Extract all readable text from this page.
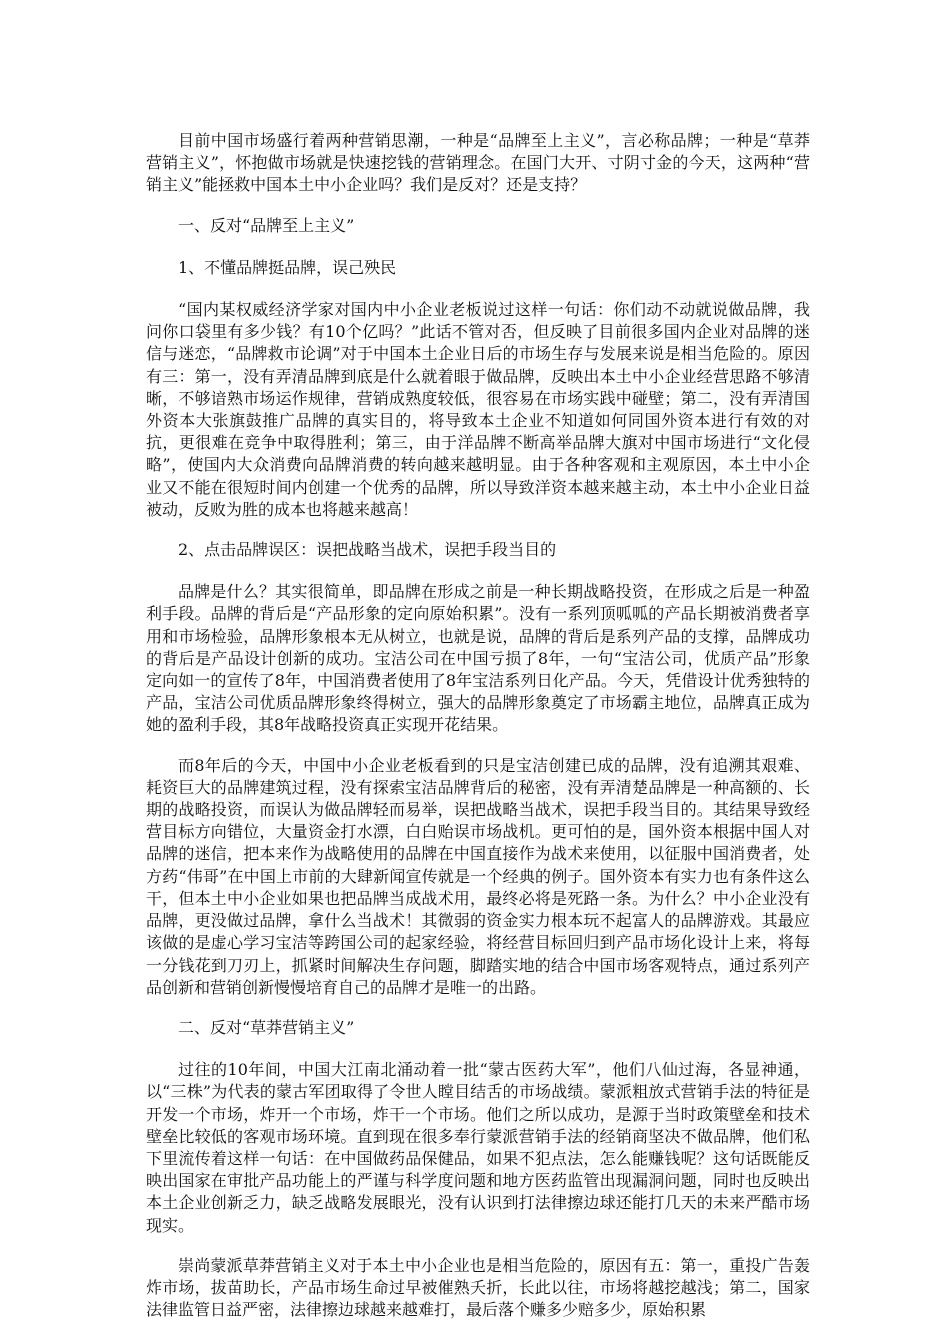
目前中国市场盛行着两种营销思潮，一种是“品牌至上主义”，言必称品牌；一种是“草莽营销主义”，怀抱做市场就是快速挖钱的营销理念。在国门大开、寸阴寸金的今天，这两种“营销主义”能拯救中国本土中小企业吗？我们是反对？还是支持？

一、反对“品牌至上主义”

1、不懂品牌挺品牌，误己殃民

“国内某权威经济学家对国内中小企业老板说过这样一句话：你们动不动就说做品牌，我问你口袋里有多少钱？有10个亿吗？”此话不管对否，但反映了目前很多国内企业对品牌的迷信与迷恋，“品牌救市论调”对于中国本土企业日后的市场生存与发展来说是相当危险的。原因有三：第一，没有弄清品牌到底是什么就着眼于做品牌，反映出本土中小企业经营思路不够清晰，不够谙熟市场运作规律，营销成熟度较低，很容易在市场实践中碰壁；第二，没有弄清国外资本大张旗鼓推广品牌的真实目的，将导致本土企业不知道如何同国外资本进行有效的对抗，更很难在竞争中取得胜利；第三，由于洋品牌不断高举品牌大旗对中国市场进行“文化侵略”，使国内大众消费向品牌消费的转向越来越明显。由于各种客观和主观原因，本土中小企业又不能在很短时间内创建一个优秀的品牌，所以导致洋资本越来越主动，本土中小企业日益被动，反败为胜的成本也将越来越高！

2、点击品牌误区：误把战略当战术，误把手段当目的

品牌是什么？其实很简单，即品牌在形成之前是一种长期战略投资，在形成之后是一种盈利手段。品牌的背后是“产品形象的定向原始积累”。没有一系列顶呱呱的产品长期被消费者享用和市场检验，品牌形象根本无从树立，也就是说，品牌的背后是系列产品的支撑，品牌成功的背后是产品设计创新的成功。宝洁公司在中国亏损了8年，一句“宝洁公司，优质产品”形象定向如一的宣传了8年，中国消费者使用了8年宝洁系列日化产品。今天，凭借设计优秀独特的产品，宝洁公司优质品牌形象终得树立，强大的品牌形象奠定了市场霸主地位，品牌真正成为她的盈利手段，其8年战略投资真正实现开花结果。

而8年后的今天，中国中小企业老板看到的只是宝洁创建已成的品牌，没有追溯其艰难、耗资巨大的品牌建筑过程，没有探索宝洁品牌背后的秘密，没有弄清楚品牌是一种高额的、长期的战略投资，而误认为做品牌轻而易举，误把战略当战术，误把手段当目的。其结果导致经营目标方向错位，大量资金打水漂，白白贻误市场战机。更可怕的是，国外资本根据中国人对品牌的迷信，把本来作为战略使用的品牌在中国直接作为战术来使用，以征服中国消费者，处方药“伟哥”在中国上市前的大肆新闻宣传就是一个经典的例子。国外资本有实力也有条件这么干，但本土中小企业如果也把品牌当成战术用，最终必将是死路一条。为什么？中小企业没有品牌，更没做过品牌，拿什么当战术！其微弱的资金实力根本玩不起富人的品牌游戏。其最应该做的是虚心学习宝洁等跨国公司的起家经验，将经营目标回归到产品市场化设计上来，将每一分钱花到刀刃上，抓紧时间解决生存问题，脚踏实地的结合中国市场客观特点，通过系列产品创新和营销创新慢慢培育自己的品牌才是唯一的出路。

二、反对“草莽营销主义”

过往的10年间，中国大江南北涌动着一批“蒙古医药大军”，他们八仙过海，各显神通，以“三株”为代表的蒙古军团取得了令世人瞠目结舌的市场战绩。蒙派粗放式营销手法的特征是开发一个市场，炸开一个市场，炸干一个市场。他们之所以成功，是源于当时政策壁垒和技术壁垒比较低的客观市场环境。直到现在很多奉行蒙派营销手法的经销商坚决不做品牌，他们私下里流传着这样一句话：在中国做药品保健品，如果不犯点法，怎么能赚钱呢？这句话既能反映出国家在审批产品功能上的严谨与科学度问题和地方医药监管出现漏洞问题，同时也反映出本土企业创新乏力，缺乏战略发展眼光，没有认识到打法律擦边球还能打几天的未来严酷市场现实。

崇尚蒙派草莽营销主义对于本土中小企业也是相当危险的，原因有五：第一，重投广告轰炸市场，拔苗助长，产品市场生命过早被催熟夭折，长此以往，市场将越挖越浅；第二，国家法律监管日益严密，法律擦边球越来越难打，最后落个赚多少赔多少，原始积累
